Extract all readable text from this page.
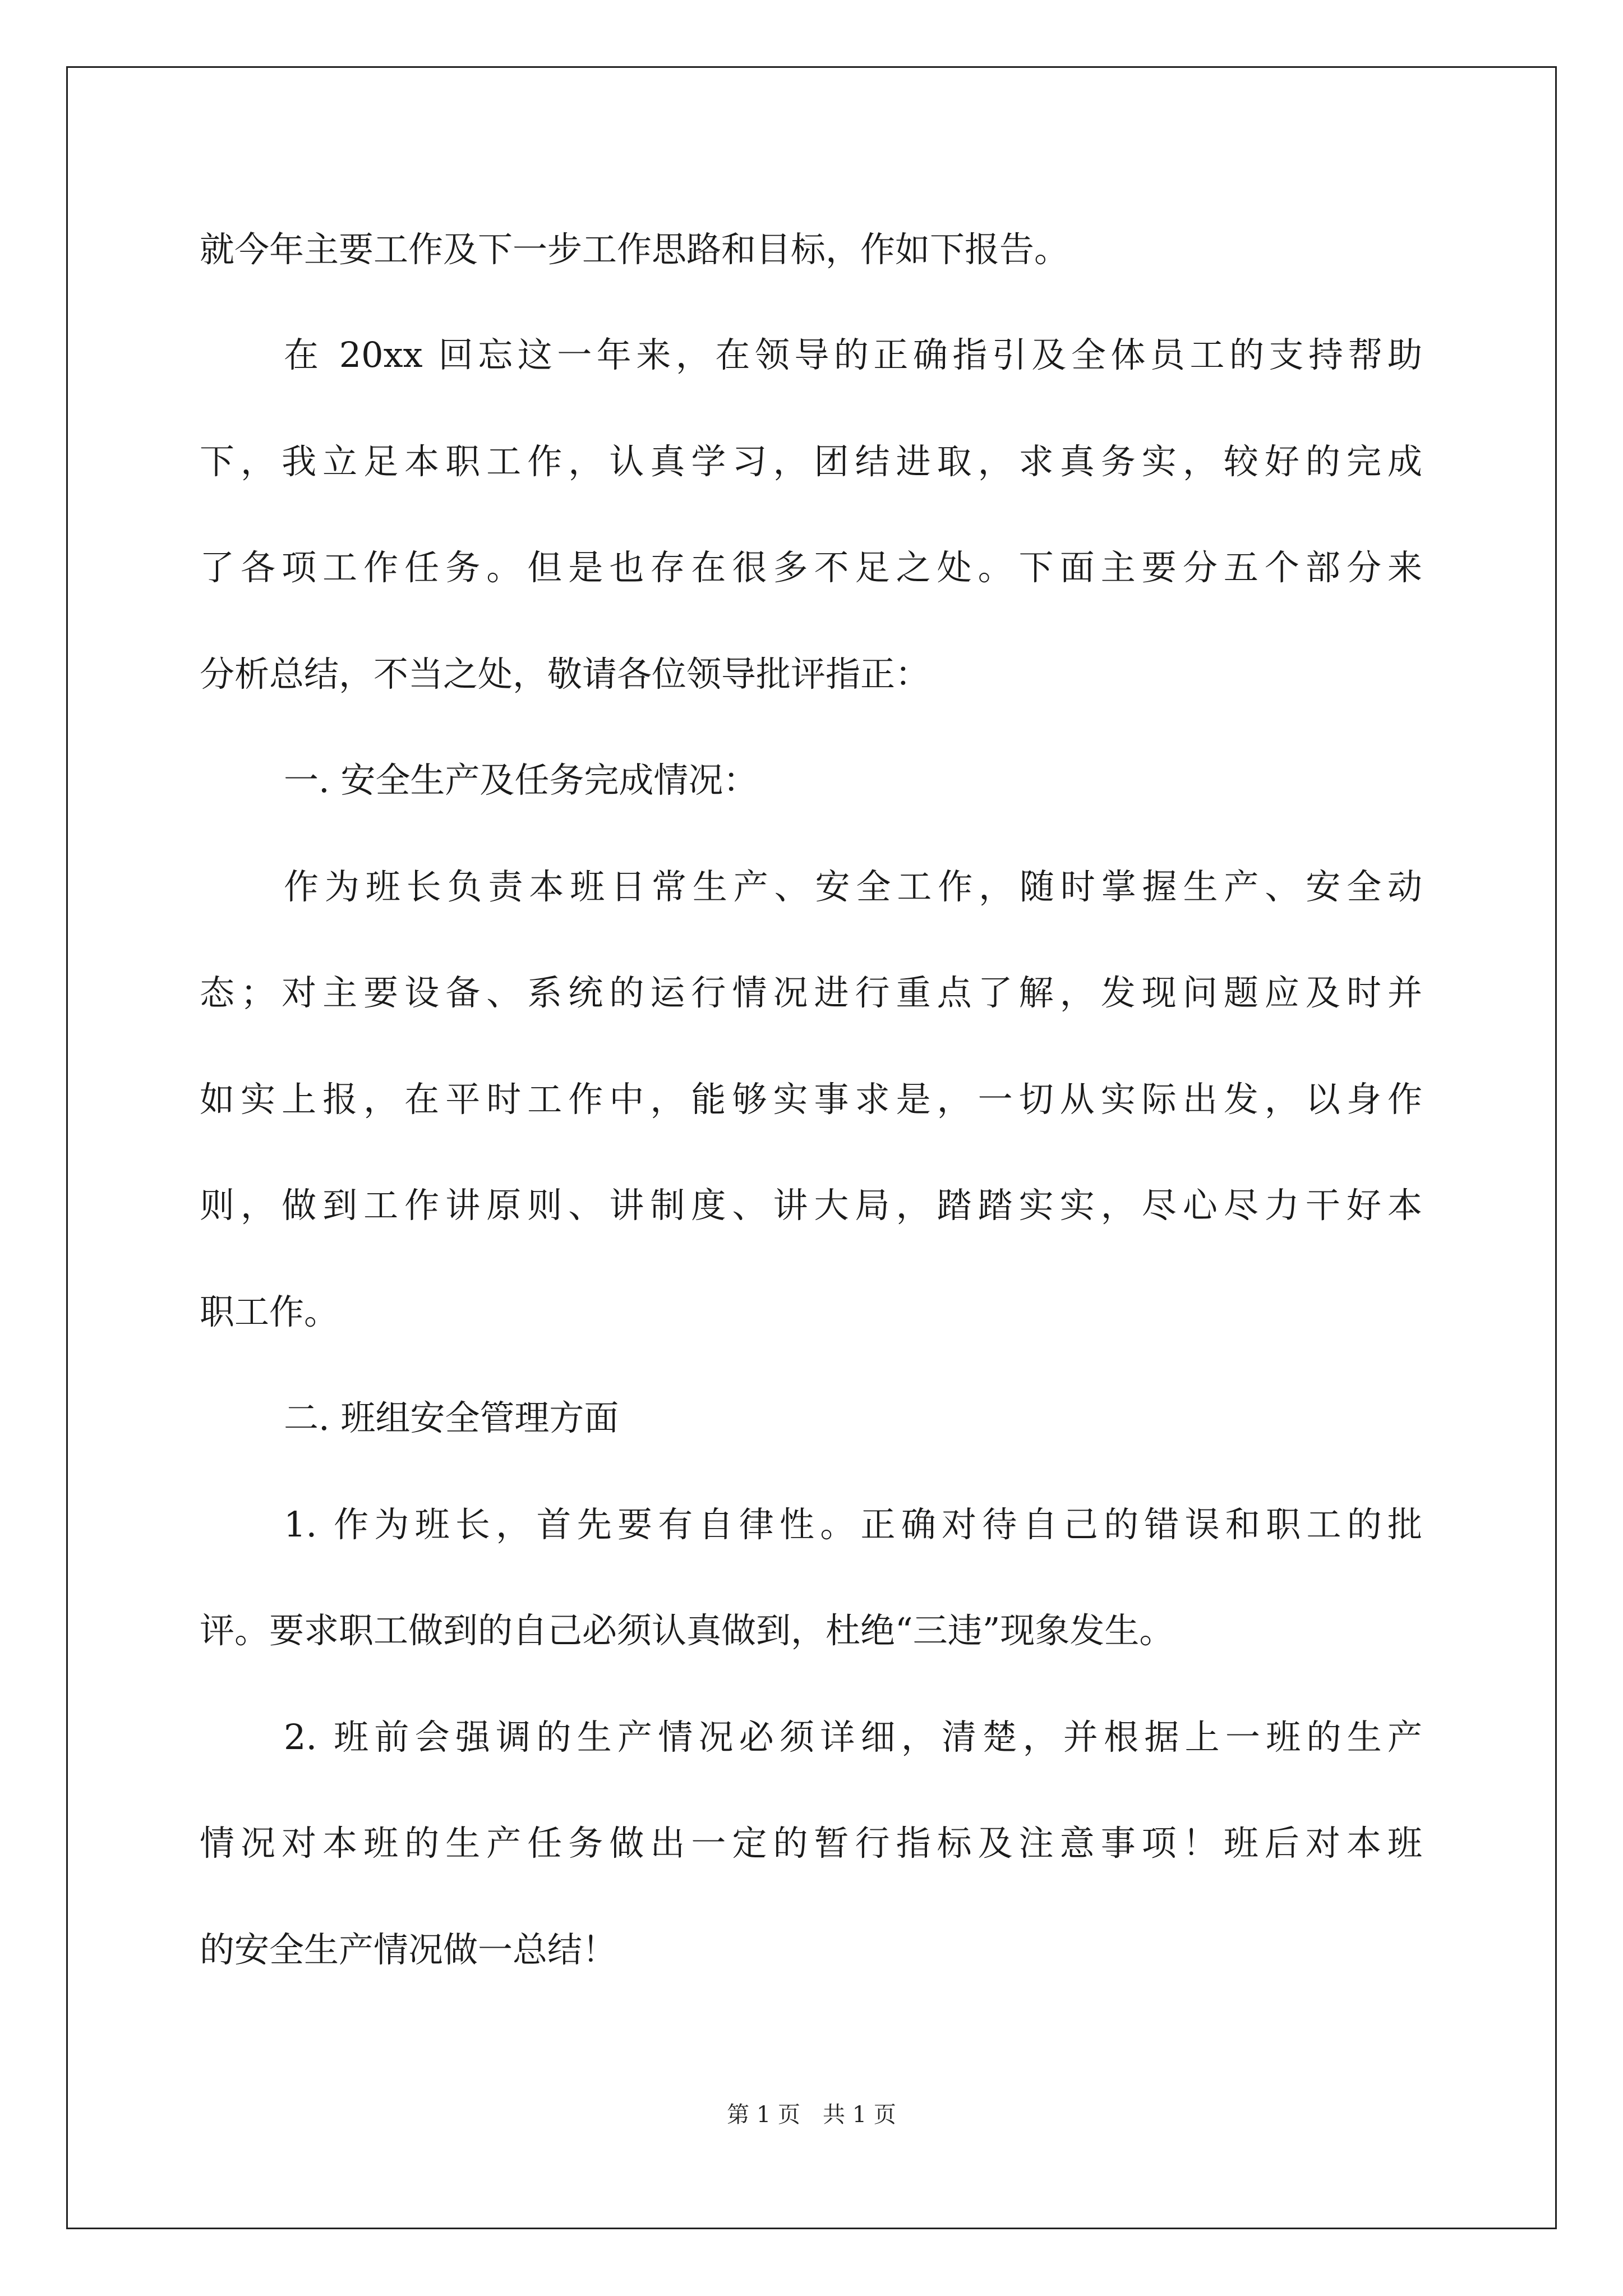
就今年主要工作及下一步工作思路和目标，作如下报告。
在 20xx 回忘这一年来，在领导的正确指引及全体员工的支持帮助
下，我立足本职工作，认真学习，团结进取，求真务实，较好的完成
了各项工作任务。但是也存在很多不足之处。下面主要分五个部分来
分析总结，不当之处，敬请各位领导批评指正：
一. 安全生产及任务完成情况：
作为班长负责本班日常生产、安全工作，随时掌握生产、安全动
态；对主要设备、系统的运行情况进行重点了解，发现问题应及时并
如实上报，在平时工作中，能够实事求是，一切从实际出发，以身作
则，做到工作讲原则、讲制度、讲大局，踏踏实实，尽心尽力干好本
职工作。
二. 班组安全管理方面
1. 作为班长，首先要有自律性。正确对待自己的错误和职工的批
评。要求职工做到的自己必须认真做到，杜绝“三违”现象发生。
2. 班前会强调的生产情况必须详细，清楚，并根据上一班的生产
情况对本班的生产任务做出一定的暂行指标及注意事项！班后对本班
的安全生产情况做一总结！
第 1 页　共 1 页
